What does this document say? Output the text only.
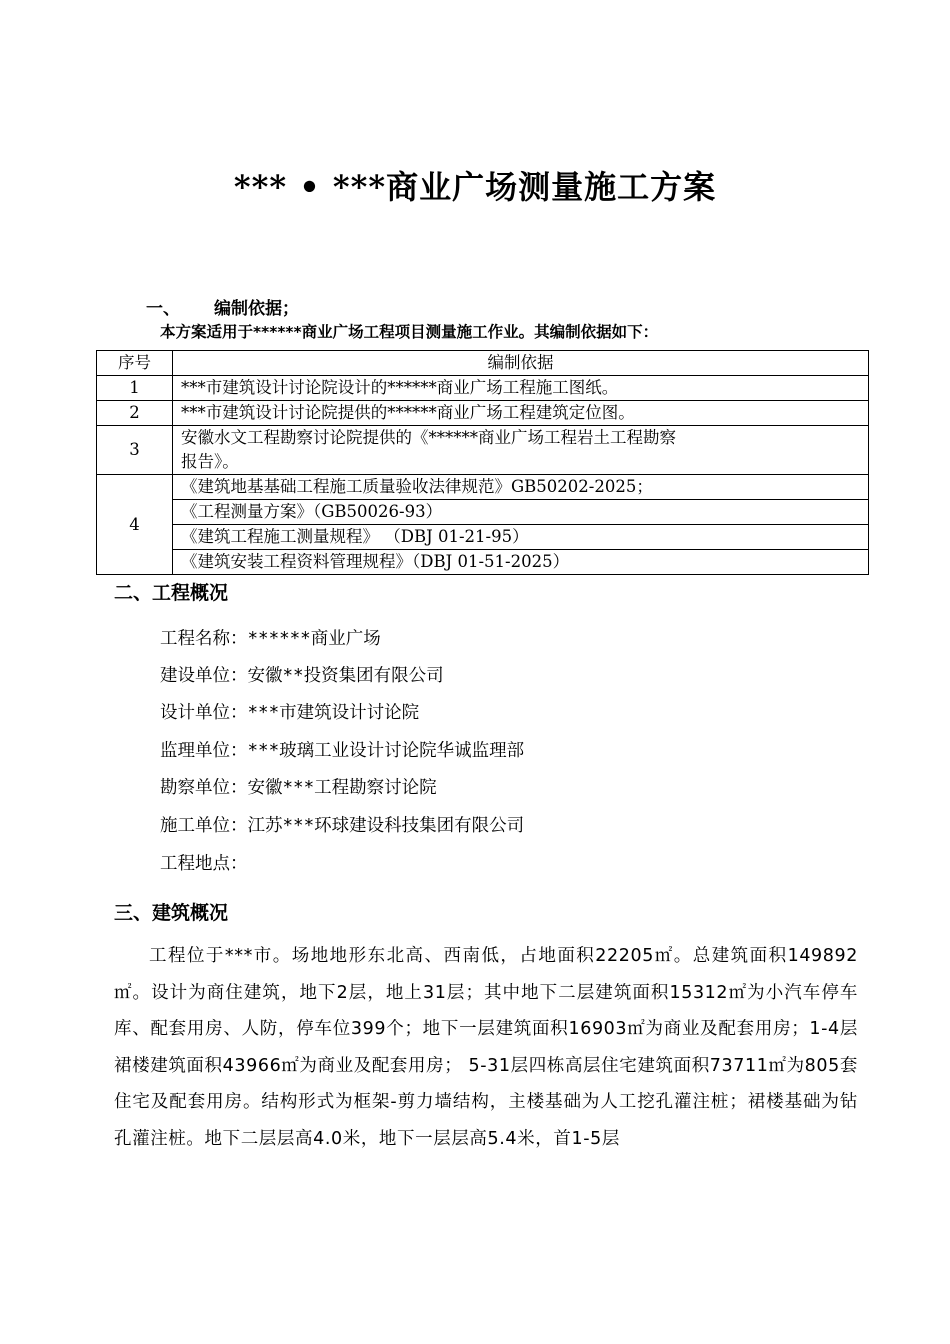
*** • ***商业广场测量施工方案
一、 编制依据；
本方案适用于******商业广场工程项目测量施工作业。其编制依据如下：
序号	编制依据
1	***市建筑设计讨论院设计的******商业广场工程施工图纸。
2	***市建筑设计讨论院提供的******商业广场工程建筑定位图。
3	安徽水文工程勘察讨论院提供的《******商业广场工程岩土工程勘察
报告》。

4	《建筑地基基础工程施工质量验收法律规范》GB50202-2025；
	《工程测量方案》（GB50026-93）
	《建筑工程施工测量规程》 （DBJ 01-21-95）
	《建筑安装工程资料管理规程》（DBJ 01-51-2025）
二、工程概况
工程名称：******商业广场
建设单位：安徽**投资集团有限公司
设计单位：***市建筑设计讨论院
监理单位：***玻璃工业设计讨论院华诚监理部
勘察单位：安徽***工程勘察讨论院
施工单位：江苏***环球建设科技集团有限公司
工程地点：
三、建筑概况
工程位于***市。场地地形东北高、西南低，占地面积22205㎡。总建筑面积149892㎡。设计为商住建筑，地下2层，地上31层；其中地下二层建筑面积15312㎡为小汽车停车库、配套用房、人防，停车位399个；地下一层建筑面积16903㎡为商业及配套用房；1-4层裙楼建筑面积43966㎡为商业及配套用房； 5-31层四栋高层住宅建筑面积73711㎡为805套住宅及配套用房。结构形式为框架-剪力墙结构，主楼基础为人工挖孔灌注桩；裙楼基础为钻孔灌注桩。地下二层层高4.0米，地下一层层高5.4米，首1-5层
